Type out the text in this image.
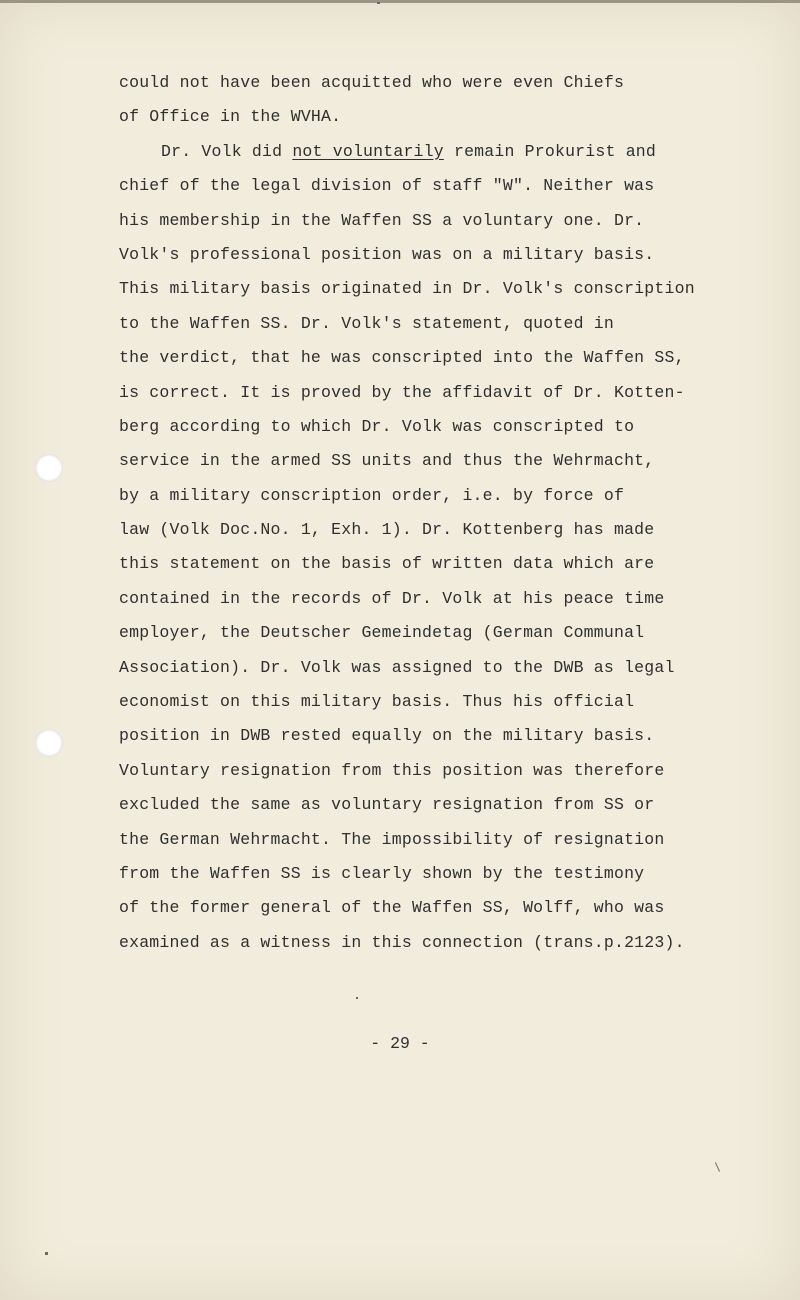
could not have been acquitted who were even Chiefs
of Office in the WVHA.
Dr. Volk did not voluntarily remain Prokurist and
chief of the legal division of staff "W". Neither was
his membership in the Waffen SS a voluntary one. Dr.
Volk's professional position was on a military basis.
This military basis originated in Dr. Volk's conscription
to the Waffen SS. Dr. Volk's statement, quoted in
the verdict, that he was conscripted into the Waffen SS,
is correct. It is proved by the affidavit of Dr. Kotten-
berg according to which Dr. Volk was conscripted to
service in the armed SS units and thus the Wehrmacht,
by a military conscription order, i.e. by force of
law (Volk Doc.No. 1, Exh. 1). Dr. Kottenberg has made
this statement on the basis of written data which are
contained in the records of Dr. Volk at his peace time
employer, the Deutscher Gemeindetag (German Communal
Association). Dr. Volk was assigned to the DWB as legal
economist on this military basis. Thus his official
position in DWB rested equally on the military basis.
Voluntary resignation from this position was therefore
excluded the same as voluntary resignation from SS or
the German Wehrmacht. The impossibility of resignation
from the Waffen SS is clearly shown by the testimony
of the former general of the Waffen SS, Wolff, who was
examined as a witness in this connection (trans.p.2123).
- 29 -
